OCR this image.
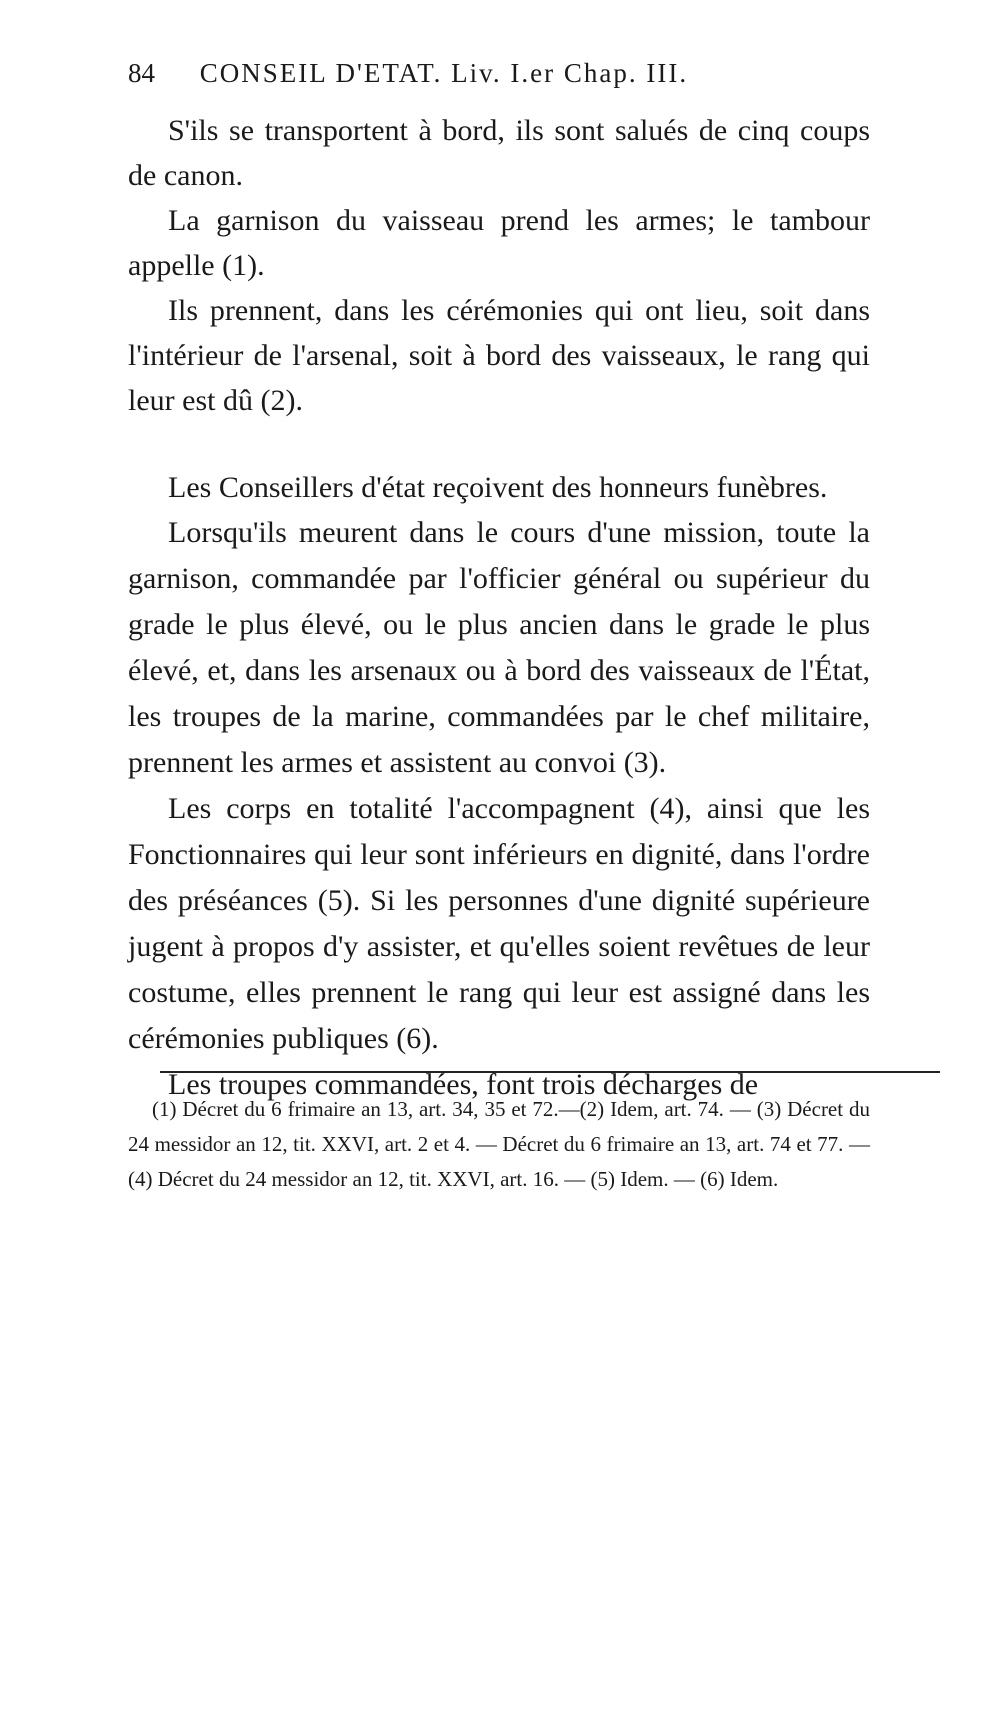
84 CONSEIL D'ETAT. Liv. I.er Chap. III.

S'ils se transportent à bord, ils sont salués de cinq coups de canon.

La garnison du vaisseau prend les armes; le tambour appelle (1).

Ils prennent, dans les cérémonies qui ont lieu, soit dans l'intérieur de l'arsenal, soit à bord des vaisseaux, le rang qui leur est dû (2).

Les Conseillers d'état reçoivent des honneurs funèbres.

Lorsqu'ils meurent dans le cours d'une mission, toute la garnison, commandée par l'officier général ou supérieur du grade le plus élevé, ou le plus ancien dans le grade le plus élevé, et, dans les arsenaux ou à bord des vaisseaux de l'État, les troupes de la marine, commandées par le chef militaire, prennent les armes et assistent au convoi (3).

Les corps en totalité l'accompagnent (4), ainsi que les Fonctionnaires qui leur sont inférieurs en dignité, dans l'ordre des préséances (5). Si les personnes d'une dignité supérieure jugent à propos d'y assister, et qu'elles soient revêtues de leur costume, elles prennent le rang qui leur est assigné dans les cérémonies publiques (6).

Les troupes commandées, font trois décharges de

(1) Décret du 6 frimaire an 13, art. 34, 35 et 72.—(2) Idem, art. 74. — (3) Décret du 24 messidor an 12, tit. XXVI, art. 2 et 4. — Décret du 6 frimaire an 13, art. 74 et 77. — (4) Décret du 24 messidor an 12, tit. XXVI, art. 16. — (5) Idem. — (6) Idem.
